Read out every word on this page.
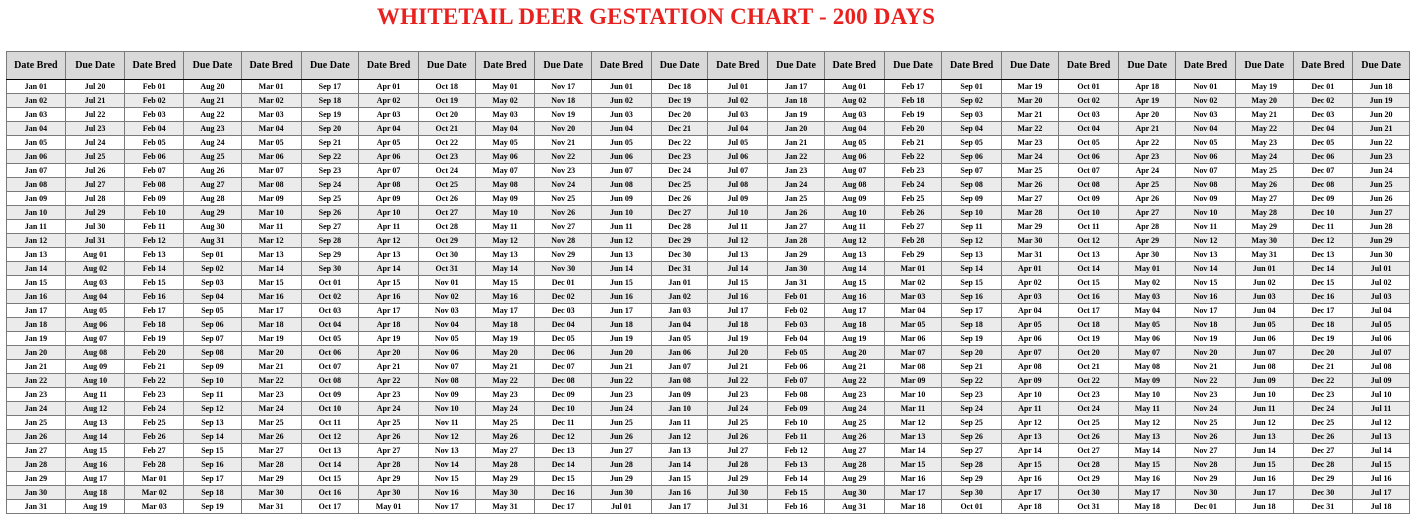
WHITETAIL DEER GESTATION CHART - 200 DAYS
Date Bred	Due Date	Date Bred	Due Date	Date Bred	Due Date	Date Bred	Due Date	Date Bred	Due Date	Date Bred	Due Date	Date Bred	Due Date	Date Bred	Due Date	Date Bred	Due Date	Date Bred	Due Date	Date Bred	Due Date	Date Bred	Due Date
Jan 01	Jul 20	Feb 01	Aug 20	Mar 01	Sep 17	Apr 01	Oct 18	May 01	Nov 17	Jun 01	Dec 18	Jul 01	Jan 17	Aug 01	Feb 17	Sep 01	Mar 19	Oct 01	Apr 18	Nov 01	May 19	Dec 01	Jun 18
Jan 02	Jul 21	Feb 02	Aug 21	Mar 02	Sep 18	Apr 02	Oct 19	May 02	Nov 18	Jun 02	Dec 19	Jul 02	Jan 18	Aug 02	Feb 18	Sep 02	Mar 20	Oct 02	Apr 19	Nov 02	May 20	Dec 02	Jun 19
Jan 03	Jul 22	Feb 03	Aug 22	Mar 03	Sep 19	Apr 03	Oct 20	May 03	Nov 19	Jun 03	Dec 20	Jul 03	Jan 19	Aug 03	Feb 19	Sep 03	Mar 21	Oct 03	Apr 20	Nov 03	May 21	Dec 03	Jun 20
Jan 04	Jul 23	Feb 04	Aug 23	Mar 04	Sep 20	Apr 04	Oct 21	May 04	Nov 20	Jun 04	Dec 21	Jul 04	Jan 20	Aug 04	Feb 20	Sep 04	Mar 22	Oct 04	Apr 21	Nov 04	May 22	Dec 04	Jun 21
Jan 05	Jul 24	Feb 05	Aug 24	Mar 05	Sep 21	Apr 05	Oct 22	May 05	Nov 21	Jun 05	Dec 22	Jul 05	Jan 21	Aug 05	Feb 21	Sep 05	Mar 23	Oct 05	Apr 22	Nov 05	May 23	Dec 05	Jun 22
Jan 06	Jul 25	Feb 06	Aug 25	Mar 06	Sep 22	Apr 06	Oct 23	May 06	Nov 22	Jun 06	Dec 23	Jul 06	Jan 22	Aug 06	Feb 22	Sep 06	Mar 24	Oct 06	Apr 23	Nov 06	May 24	Dec 06	Jun 23
Jan 07	Jul 26	Feb 07	Aug 26	Mar 07	Sep 23	Apr 07	Oct 24	May 07	Nov 23	Jun 07	Dec 24	Jul 07	Jan 23	Aug 07	Feb 23	Sep 07	Mar 25	Oct 07	Apr 24	Nov 07	May 25	Dec 07	Jun 24
Jan 08	Jul 27	Feb 08	Aug 27	Mar 08	Sep 24	Apr 08	Oct 25	May 08	Nov 24	Jun 08	Dec 25	Jul 08	Jan 24	Aug 08	Feb 24	Sep 08	Mar 26	Oct 08	Apr 25	Nov 08	May 26	Dec 08	Jun 25
Jan 09	Jul 28	Feb 09	Aug 28	Mar 09	Sep 25	Apr 09	Oct 26	May 09	Nov 25	Jun 09	Dec 26	Jul 09	Jan 25	Aug 09	Feb 25	Sep 09	Mar 27	Oct 09	Apr 26	Nov 09	May 27	Dec 09	Jun 26
Jan 10	Jul 29	Feb 10	Aug 29	Mar 10	Sep 26	Apr 10	Oct 27	May 10	Nov 26	Jun 10	Dec 27	Jul 10	Jan 26	Aug 10	Feb 26	Sep 10	Mar 28	Oct 10	Apr 27	Nov 10	May 28	Dec 10	Jun 27
Jan 11	Jul 30	Feb 11	Aug 30	Mar 11	Sep 27	Apr 11	Oct 28	May 11	Nov 27	Jun 11	Dec 28	Jul 11	Jan 27	Aug 11	Feb 27	Sep 11	Mar 29	Oct 11	Apr 28	Nov 11	May 29	Dec 11	Jun 28
Jan 12	Jul 31	Feb 12	Aug 31	Mar 12	Sep 28	Apr 12	Oct 29	May 12	Nov 28	Jun 12	Dec 29	Jul 12	Jan 28	Aug 12	Feb 28	Sep 12	Mar 30	Oct 12	Apr 29	Nov 12	May 30	Dec 12	Jun 29
Jan 13	Aug 01	Feb 13	Sep 01	Mar 13	Sep 29	Apr 13	Oct 30	May 13	Nov 29	Jun 13	Dec 30	Jul 13	Jan 29	Aug 13	Feb 29	Sep 13	Mar 31	Oct 13	Apr 30	Nov 13	May 31	Dec 13	Jun 30
Jan 14	Aug 02	Feb 14	Sep 02	Mar 14	Sep 30	Apr 14	Oct 31	May 14	Nov 30	Jun 14	Dec 31	Jul 14	Jan 30	Aug 14	Mar 01	Sep 14	Apr 01	Oct 14	May 01	Nov 14	Jun 01	Dec 14	Jul 01
Jan 15	Aug 03	Feb 15	Sep 03	Mar 15	Oct 01	Apr 15	Nov 01	May 15	Dec 01	Jun 15	Jan 01	Jul 15	Jan 31	Aug 15	Mar 02	Sep 15	Apr 02	Oct 15	May 02	Nov 15	Jun 02	Dec 15	Jul 02
Jan 16	Aug 04	Feb 16	Sep 04	Mar 16	Oct 02	Apr 16	Nov 02	May 16	Dec 02	Jun 16	Jan 02	Jul 16	Feb 01	Aug 16	Mar 03	Sep 16	Apr 03	Oct 16	May 03	Nov 16	Jun 03	Dec 16	Jul 03
Jan 17	Aug 05	Feb 17	Sep 05	Mar 17	Oct 03	Apr 17	Nov 03	May 17	Dec 03	Jun 17	Jan 03	Jul 17	Feb 02	Aug 17	Mar 04	Sep 17	Apr 04	Oct 17	May 04	Nov 17	Jun 04	Dec 17	Jul 04
Jan 18	Aug 06	Feb 18	Sep 06	Mar 18	Oct 04	Apr 18	Nov 04	May 18	Dec 04	Jun 18	Jan 04	Jul 18	Feb 03	Aug 18	Mar 05	Sep 18	Apr 05	Oct 18	May 05	Nov 18	Jun 05	Dec 18	Jul 05
Jan 19	Aug 07	Feb 19	Sep 07	Mar 19	Oct 05	Apr 19	Nov 05	May 19	Dec 05	Jun 19	Jan 05	Jul 19	Feb 04	Aug 19	Mar 06	Sep 19	Apr 06	Oct 19	May 06	Nov 19	Jun 06	Dec 19	Jul 06
Jan 20	Aug 08	Feb 20	Sep 08	Mar 20	Oct 06	Apr 20	Nov 06	May 20	Dec 06	Jun 20	Jan 06	Jul 20	Feb 05	Aug 20	Mar 07	Sep 20	Apr 07	Oct 20	May 07	Nov 20	Jun 07	Dec 20	Jul 07
Jan 21	Aug 09	Feb 21	Sep 09	Mar 21	Oct 07	Apr 21	Nov 07	May 21	Dec 07	Jun 21	Jan 07	Jul 21	Feb 06	Aug 21	Mar 08	Sep 21	Apr 08	Oct 21	May 08	Nov 21	Jun 08	Dec 21	Jul 08
Jan 22	Aug 10	Feb 22	Sep 10	Mar 22	Oct 08	Apr 22	Nov 08	May 22	Dec 08	Jun 22	Jan 08	Jul 22	Feb 07	Aug 22	Mar 09	Sep 22	Apr 09	Oct 22	May 09	Nov 22	Jun 09	Dec 22	Jul 09
Jan 23	Aug 11	Feb 23	Sep 11	Mar 23	Oct 09	Apr 23	Nov 09	May 23	Dec 09	Jun 23	Jan 09	Jul 23	Feb 08	Aug 23	Mar 10	Sep 23	Apr 10	Oct 23	May 10	Nov 23	Jun 10	Dec 23	Jul 10
Jan 24	Aug 12	Feb 24	Sep 12	Mar 24	Oct 10	Apr 24	Nov 10	May 24	Dec 10	Jun 24	Jan 10	Jul 24	Feb 09	Aug 24	Mar 11	Sep 24	Apr 11	Oct 24	May 11	Nov 24	Jun 11	Dec 24	Jul 11
Jan 25	Aug 13	Feb 25	Sep 13	Mar 25	Oct 11	Apr 25	Nov 11	May 25	Dec 11	Jun 25	Jan 11	Jul 25	Feb 10	Aug 25	Mar 12	Sep 25	Apr 12	Oct 25	May 12	Nov 25	Jun 12	Dec 25	Jul 12
Jan 26	Aug 14	Feb 26	Sep 14	Mar 26	Oct 12	Apr 26	Nov 12	May 26	Dec 12	Jun 26	Jan 12	Jul 26	Feb 11	Aug 26	Mar 13	Sep 26	Apr 13	Oct 26	May 13	Nov 26	Jun 13	Dec 26	Jul 13
Jan 27	Aug 15	Feb 27	Sep 15	Mar 27	Oct 13	Apr 27	Nov 13	May 27	Dec 13	Jun 27	Jan 13	Jul 27	Feb 12	Aug 27	Mar 14	Sep 27	Apr 14	Oct 27	May 14	Nov 27	Jun 14	Dec 27	Jul 14
Jan 28	Aug 16	Feb 28	Sep 16	Mar 28	Oct 14	Apr 28	Nov 14	May 28	Dec 14	Jun 28	Jan 14	Jul 28	Feb 13	Aug 28	Mar 15	Sep 28	Apr 15	Oct 28	May 15	Nov 28	Jun 15	Dec 28	Jul 15
Jan 29	Aug 17	Mar 01	Sep 17	Mar 29	Oct 15	Apr 29	Nov 15	May 29	Dec 15	Jun 29	Jan 15	Jul 29	Feb 14	Aug 29	Mar 16	Sep 29	Apr 16	Oct 29	May 16	Nov 29	Jun 16	Dec 29	Jul 16
Jan 30	Aug 18	Mar 02	Sep 18	Mar 30	Oct 16	Apr 30	Nov 16	May 30	Dec 16	Jun 30	Jan 16	Jul 30	Feb 15	Aug 30	Mar 17	Sep 30	Apr 17	Oct 30	May 17	Nov 30	Jun 17	Dec 30	Jul 17
Jan 31	Aug 19	Mar 03	Sep 19	Mar 31	Oct 17	May 01	Nov 17	May 31	Dec 17	Jul 01	Jan 17	Jul 31	Feb 16	Aug 31	Mar 18	Oct 01	Apr 18	Oct 31	May 18	Dec 01	Jun 18	Dec 31	Jul 18
